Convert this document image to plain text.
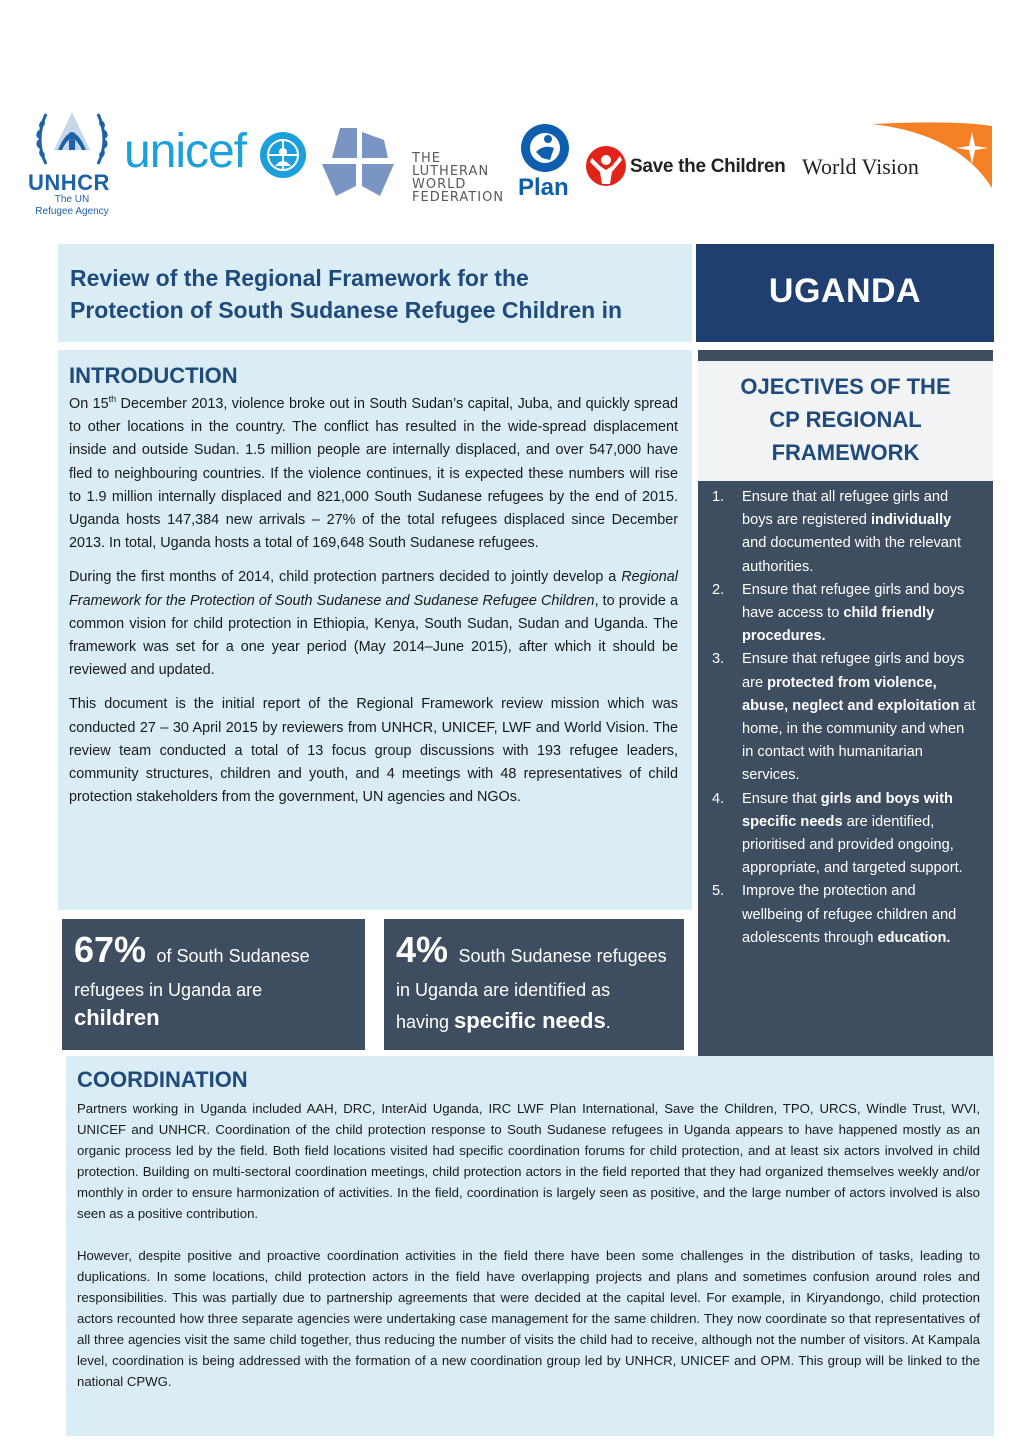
UNHCR
The UN
Refugee Agency
unicef	THE
LUTHERAN
WORLD
FEDERATION Plan
Save the Children World Vision
Review of the Regional Framework for the
Protection of South Sudanese Refugee Children in	UGANDA
INTRODUCTION

On 15th December 2013, violence broke out in South Sudan’s capital, Juba, and quickly spread to other locations in the country. The conflict has resulted in the wide-spread displacement inside and outside Sudan. 1.5 million people are internally displaced, and over 547,000 have fled to neighbouring countries. If the violence continues, it is expected these numbers will rise to 1.9 million internally displaced and 821,000 South Sudanese refugees by the end of 2015. Uganda hosts 147,384 new arrivals – 27% of the total refugees displaced since December 2013. In total, Uganda hosts a total of 169,648 South Sudanese refugees.

During the first months of 2014, child protection partners decided to jointly develop a Regional Framework for the Protection of South Sudanese and Sudanese Refugee Children, to provide a common vision for child protection in Ethiopia, Kenya, South Sudan, Sudan and Uganda. The framework was set for a one year period (May 2014–June 2015), after which it should be reviewed and updated.

This document is the initial report of the Regional Framework review mission which was conducted 27 – 30 April 2015 by reviewers from UNHCR, UNICEF, LWF and World Vision. The review team conducted a total of 13 focus group discussions with 193 refugee leaders, community structures, children and youth, and 4 meetings with 48 representatives of child protection stakeholders from the government, UN agencies and NGOs.

67% of South Sudanese
refugees in Uganda are
children
4% South Sudanese refugees
in Uganda are identified as
having specific needs.
OJECTIVES OF THE
CP REGIONAL
FRAMEWORK
1. Ensure that all refugee girls and boys are registered individually and documented with the relevant authorities.
2. Ensure that refugee girls and boys have access to child friendly procedures.
3. Ensure that refugee girls and boys are protected from violence, abuse, neglect and exploitation at home, in the community and when in contact with humanitarian services.
4. Ensure that girls and boys with specific needs are identified, prioritised and provided ongoing, appropriate, and targeted support.
5. Improve the protection and wellbeing of refugee children and adolescents through education.
COORDINATION

Partners working in Uganda included AAH, DRC, InterAid Uganda, IRC LWF Plan International, Save the Children, TPO, URCS, Windle Trust, WVI, UNICEF and UNHCR. Coordination of the child protection response to South Sudanese refugees in Uganda appears to have happened mostly as an organic process led by the field. Both field locations visited had specific coordination forums for child protection, and at least six actors involved in child protection. Building on multi-sectoral coordination meetings, child protection actors in the field reported that they had organized themselves weekly and/or monthly in order to ensure harmonization of activities. In the field, coordination is largely seen as positive, and the large number of actors involved is also seen as a positive contribution.

However, despite positive and proactive coordination activities in the field there have been some challenges in the distribution of tasks, leading to duplications. In some locations, child protection actors in the field have overlapping projects and plans and sometimes confusion around roles and responsibilities. This was partially due to partnership agreements that were decided at the capital level. For example, in Kiryandongo, child protection actors recounted how three separate agencies were undertaking case management for the same children. They now coordinate so that representatives of all three agencies visit the same child together, thus reducing the number of visits the child had to receive, although not the number of visitors. At Kampala level, coordination is being addressed with the formation of a new coordination group led by UNHCR, UNICEF and OPM. This group will be linked to the national CPWG.
